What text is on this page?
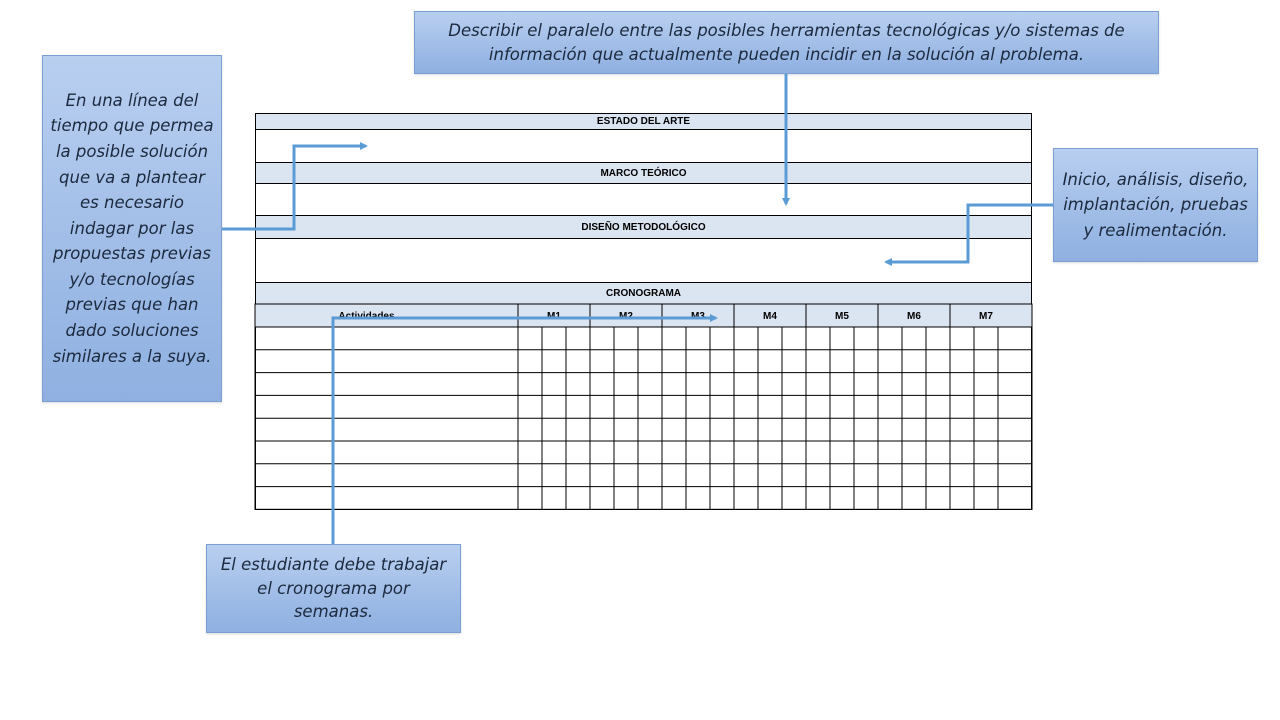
Describir el paralelo entre las posibles herramientas tecnológicas y/o sistemas de información que actualmente pueden incidir en la solución al problema.
En una línea del tiempo que permea la posible solución que va a plantear es necesario indagar por las propuestas previas y/o tecnologías previas que han dado soluciones similares a la suya.
Inicio, análisis, diseño, implantación, pruebas y realimentación.
El estudiante debe trabajar el cronograma por semanas.
ESTADO DEL ARTE
MARCO TEÓRICO
DISEÑO METODOLÓGICO
CRONOGRAMA
Actividades	M1	M2	M3	M4	M5	M6	M7
